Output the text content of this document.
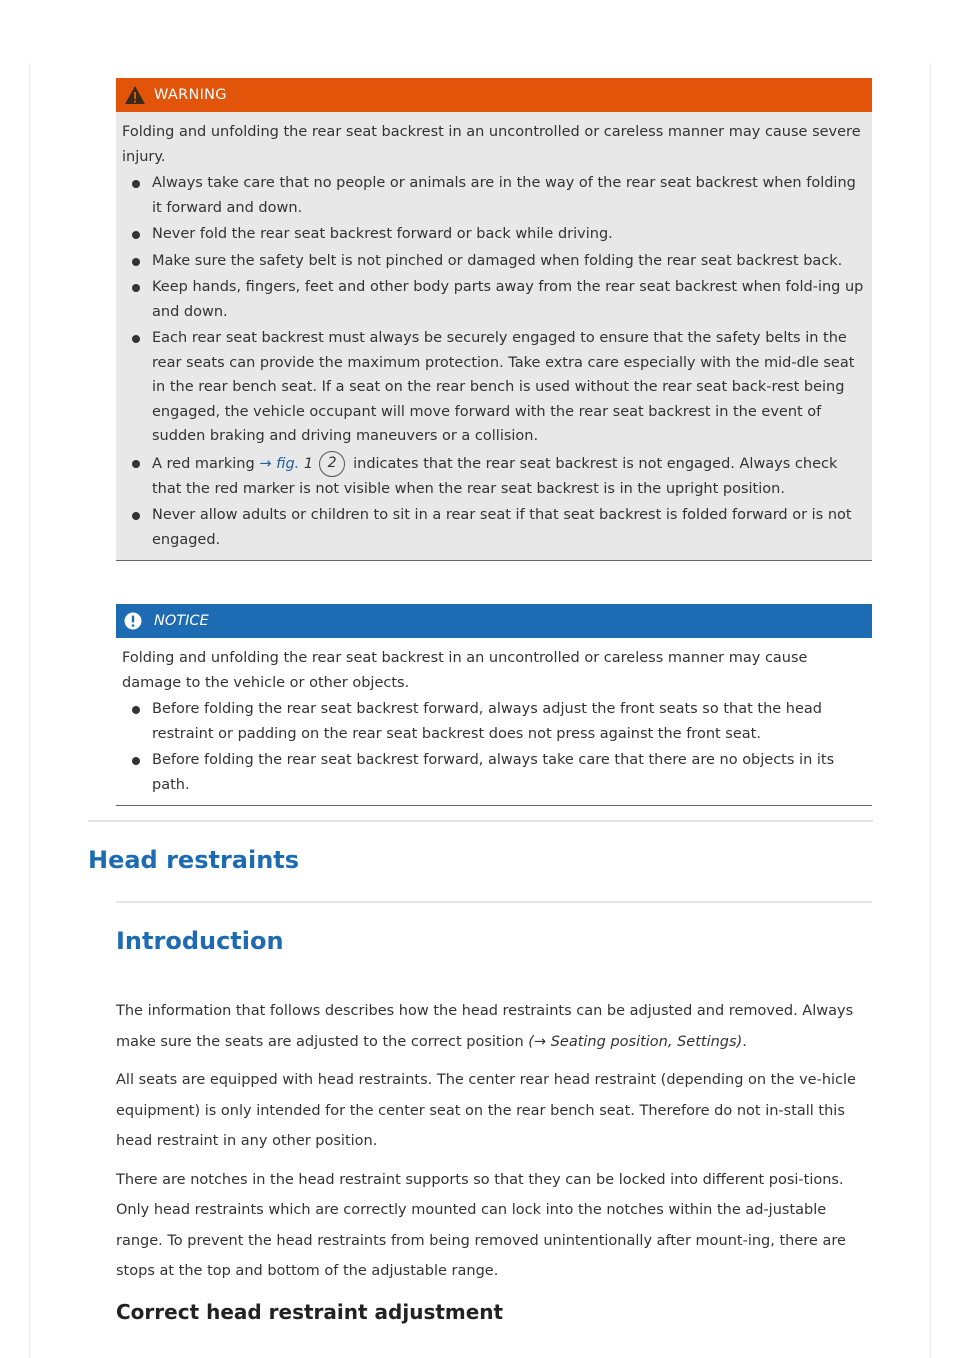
WARNING

Folding and unfolding the rear seat backrest in an uncontrolled or careless manner may cause severe injury.

Always take care that no people or animals are in the way of the rear seat backrest when folding it forward and down.
Never fold the rear seat backrest forward or back while driving.
Make sure the safety belt is not pinched or damaged when folding the rear seat backrest back.
Keep hands, fingers, feet and other body parts away from the rear seat backrest when fold-ing up and down.
Each rear seat backrest must always be securely engaged to ensure that the safety belts in the rear seats can provide the maximum protection. Take extra care especially with the mid-dle seat in the rear bench seat. If a seat on the rear bench is used without the rear seat back-rest being engaged, the vehicle occupant will move forward with the rear seat backrest in the event of sudden braking and driving maneuvers or a collision.
A red marking → fig. 1 2 indicates that the rear seat backrest is not engaged. Always check that the red marker is not visible when the rear seat backrest is in the upright position.
Never allow adults or children to sit in a rear seat if that seat backrest is folded forward or is not engaged.
NOTICE

Folding and unfolding the rear seat backrest in an uncontrolled or careless manner may cause damage to the vehicle or other objects.

Before folding the rear seat backrest forward, always adjust the front seats so that the head restraint or padding on the rear seat backrest does not press against the front seat.
Before folding the rear seat backrest forward, always take care that there are no objects in its path.
Head restraints
Introduction

The information that follows describes how the head restraints can be adjusted and removed. Always make sure the seats are adjusted to the correct position (→ Seating position, Settings).

All seats are equipped with head restraints. The center rear head restraint (depending on the ve-hicle equipment) is only intended for the center seat on the rear bench seat. Therefore do not in-stall this head restraint in any other position.

There are notches in the head restraint supports so that they can be locked into different posi-tions. Only head restraints which are correctly mounted can lock into the notches within the ad-justable range. To prevent the head restraints from being removed unintentionally after mount-ing, there are stops at the top and bottom of the adjustable range.

Correct head restraint adjustment
